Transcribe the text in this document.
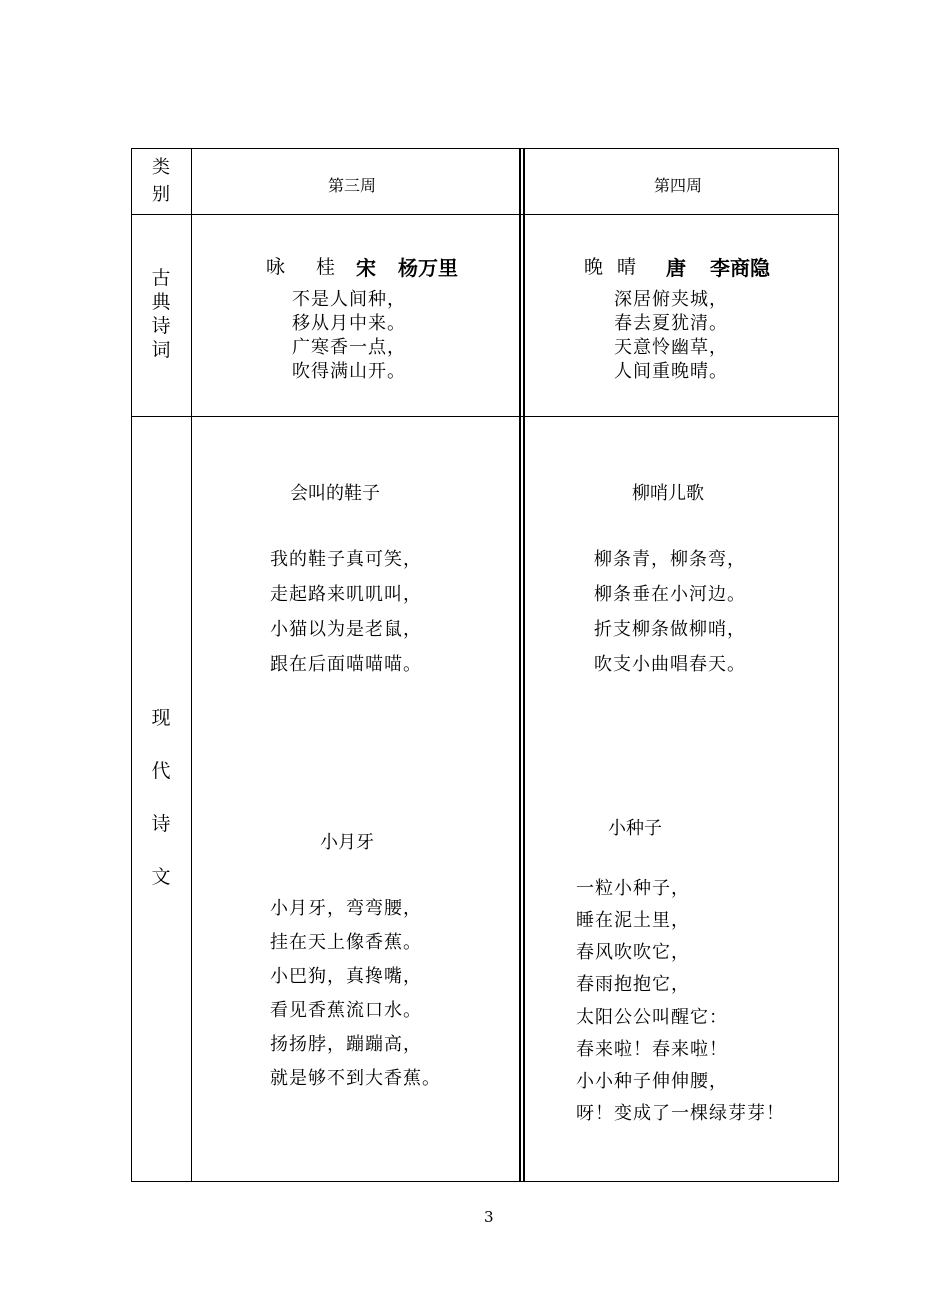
类
别	第三周	第四周
古
典
诗
词
咏　桂 宋 杨万里
不是人间种，
移从月中来。
广寒香一点，
吹得满山开。
晚 晴 唐 李商隐
深居俯夹城，
春去夏犹清。
天意怜幽草，
人间重晚晴。
现
代
诗
文
会叫的鞋子
我的鞋子真可笑，
走起路来叽叽叫，
小猫以为是老鼠，
跟在后面喵喵喵。
小月牙
小月牙，弯弯腰，
挂在天上像香蕉。
小巴狗，真搀嘴，
看见香蕉流口水。
扬扬脖，蹦蹦高，
就是够不到大香蕉。
柳哨儿歌
柳条青，柳条弯，
柳条垂在小河边。
折支柳条做柳哨，
吹支小曲唱春天。
小种子
一粒小种子，
睡在泥土里，
春风吹吹它，
春雨抱抱它，
太阳公公叫醒它：
春来啦！春来啦！
小小种子伸伸腰，
呀！变成了一棵绿芽芽！
3
